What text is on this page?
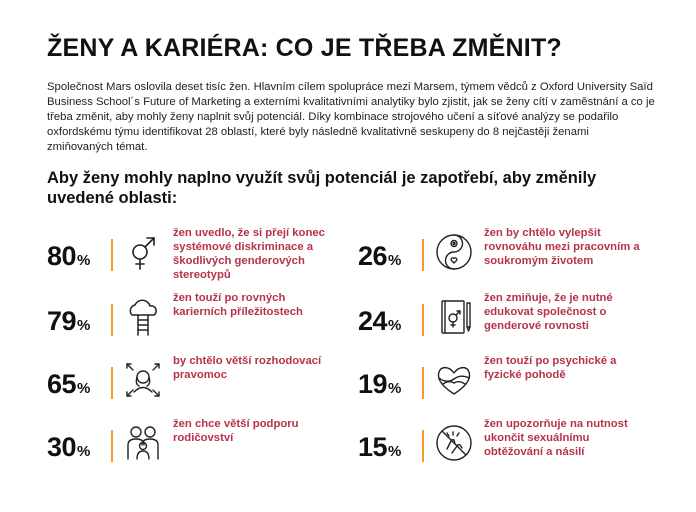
ŽENY A KARIÉRA: CO JE TŘEBA ZMĚNIT?
Společnost Mars oslovila deset tisíc žen. Hlavním cílem spolupráce mezi Marsem, týmem vědců z Oxford University Saïd Business School´s Future of Marketing a externími kvalitativními analytiky bylo zjistit, jak se ženy cítí v zaměstnání a co je třeba změnit, aby mohly ženy naplnit svůj potenciál. Díky kombinace strojového učení a síťové analýzy se podařilo oxfordskému týmu identifikovat 28 oblastí, které byly následně kvalitativně seskupeny do 8 nejčastěji ženami zmiňovaných témat.
Aby ženy mohly naplno využít svůj potenciál je zapotřebí, aby změnily uvedené oblasti:
80 %
žen uvedlo, že si přejí konec systémové diskriminace a škodlivých genderových stereotypů
79 %
žen touží po rovných karierních příležitostech
65 %
by chtělo větší rozhodovací pravomoc
30 %
žen chce větší podporu rodičovství
26 %
žen by chtělo vylepšit rovnováhu mezi pracovním a soukromým životem
24 %
žen zmiňuje, že je nutné edukovat společnost o genderové rovnosti
19 %
žen touží po psychické a fyzické pohodě
15 %
žen upozorňuje na nutnost ukončit sexuálnímu obtěžování a násilí
